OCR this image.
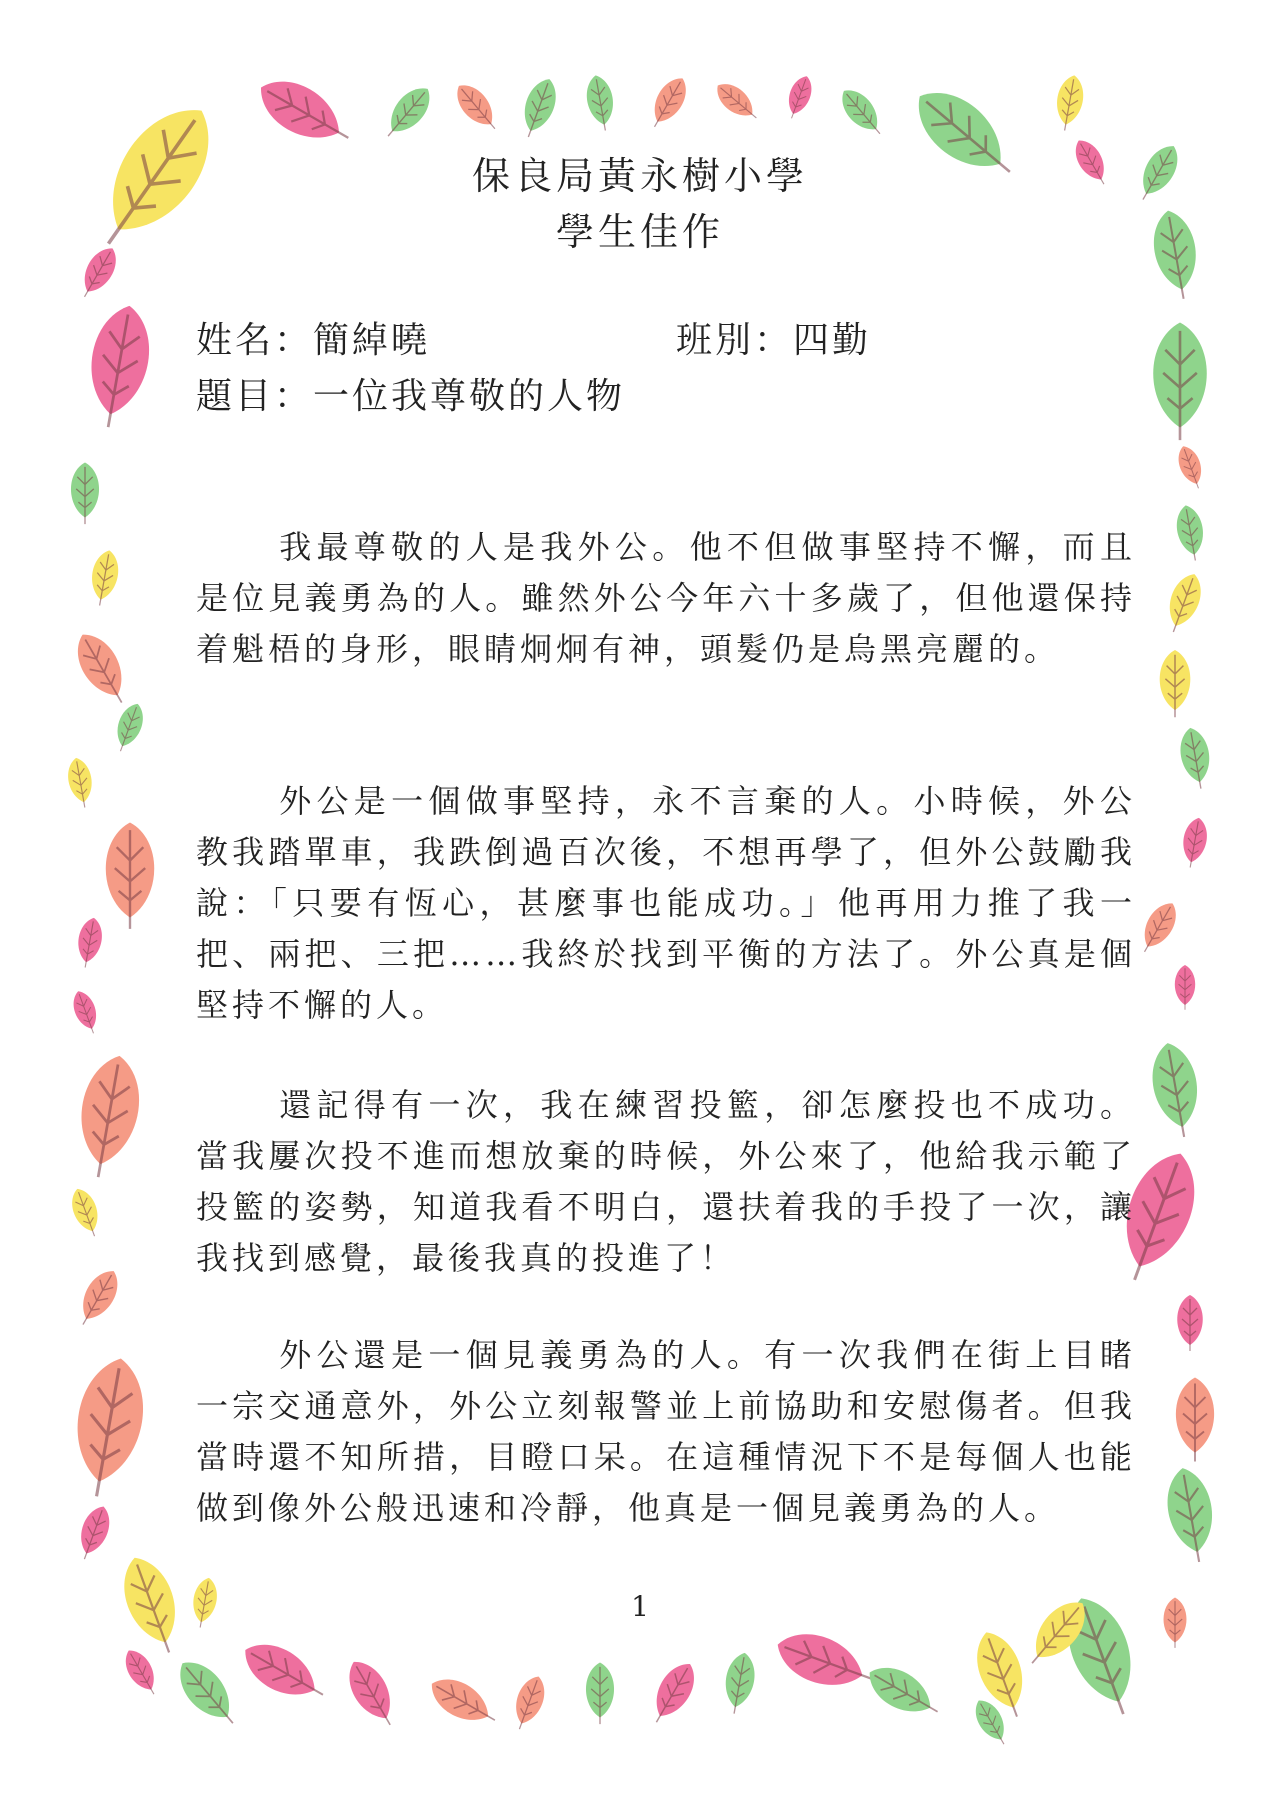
保良局黃永樹小學

學生佳作

姓名：簡綽曉	班別：四勤
題目：一位我尊敬的人物

我最尊敬的人是我外公。他不但做事堅持不懈，而且是位見義勇為的人。雖然外公今年六十多歲了，但他還保持着魁梧的身形，眼睛炯炯有神，頭髮仍是烏黑亮麗的。

外公是一個做事堅持，永不言棄的人。小時候，外公教我踏單車，我跌倒過百次後，不想再學了，但外公鼓勵我說：「只要有恆心，甚麼事也能成功。」他再用力推了我一把、兩把、三把……我終於找到平衡的方法了。外公真是個堅持不懈的人。

還記得有一次，我在練習投籃，卻怎麼投也不成功。當我屢次投不進而想放棄的時候，外公來了，他給我示範了投籃的姿勢，知道我看不明白，還扶着我的手投了一次，讓我找到感覺，最後我真的投進了！

外公還是一個見義勇為的人。有一次我們在街上目睹一宗交通意外，外公立刻報警並上前協助和安慰傷者。但我當時還不知所措，目瞪口呆。在這種情況下不是每個人也能做到像外公般迅速和冷靜，他真是一個見義勇為的人。

1
